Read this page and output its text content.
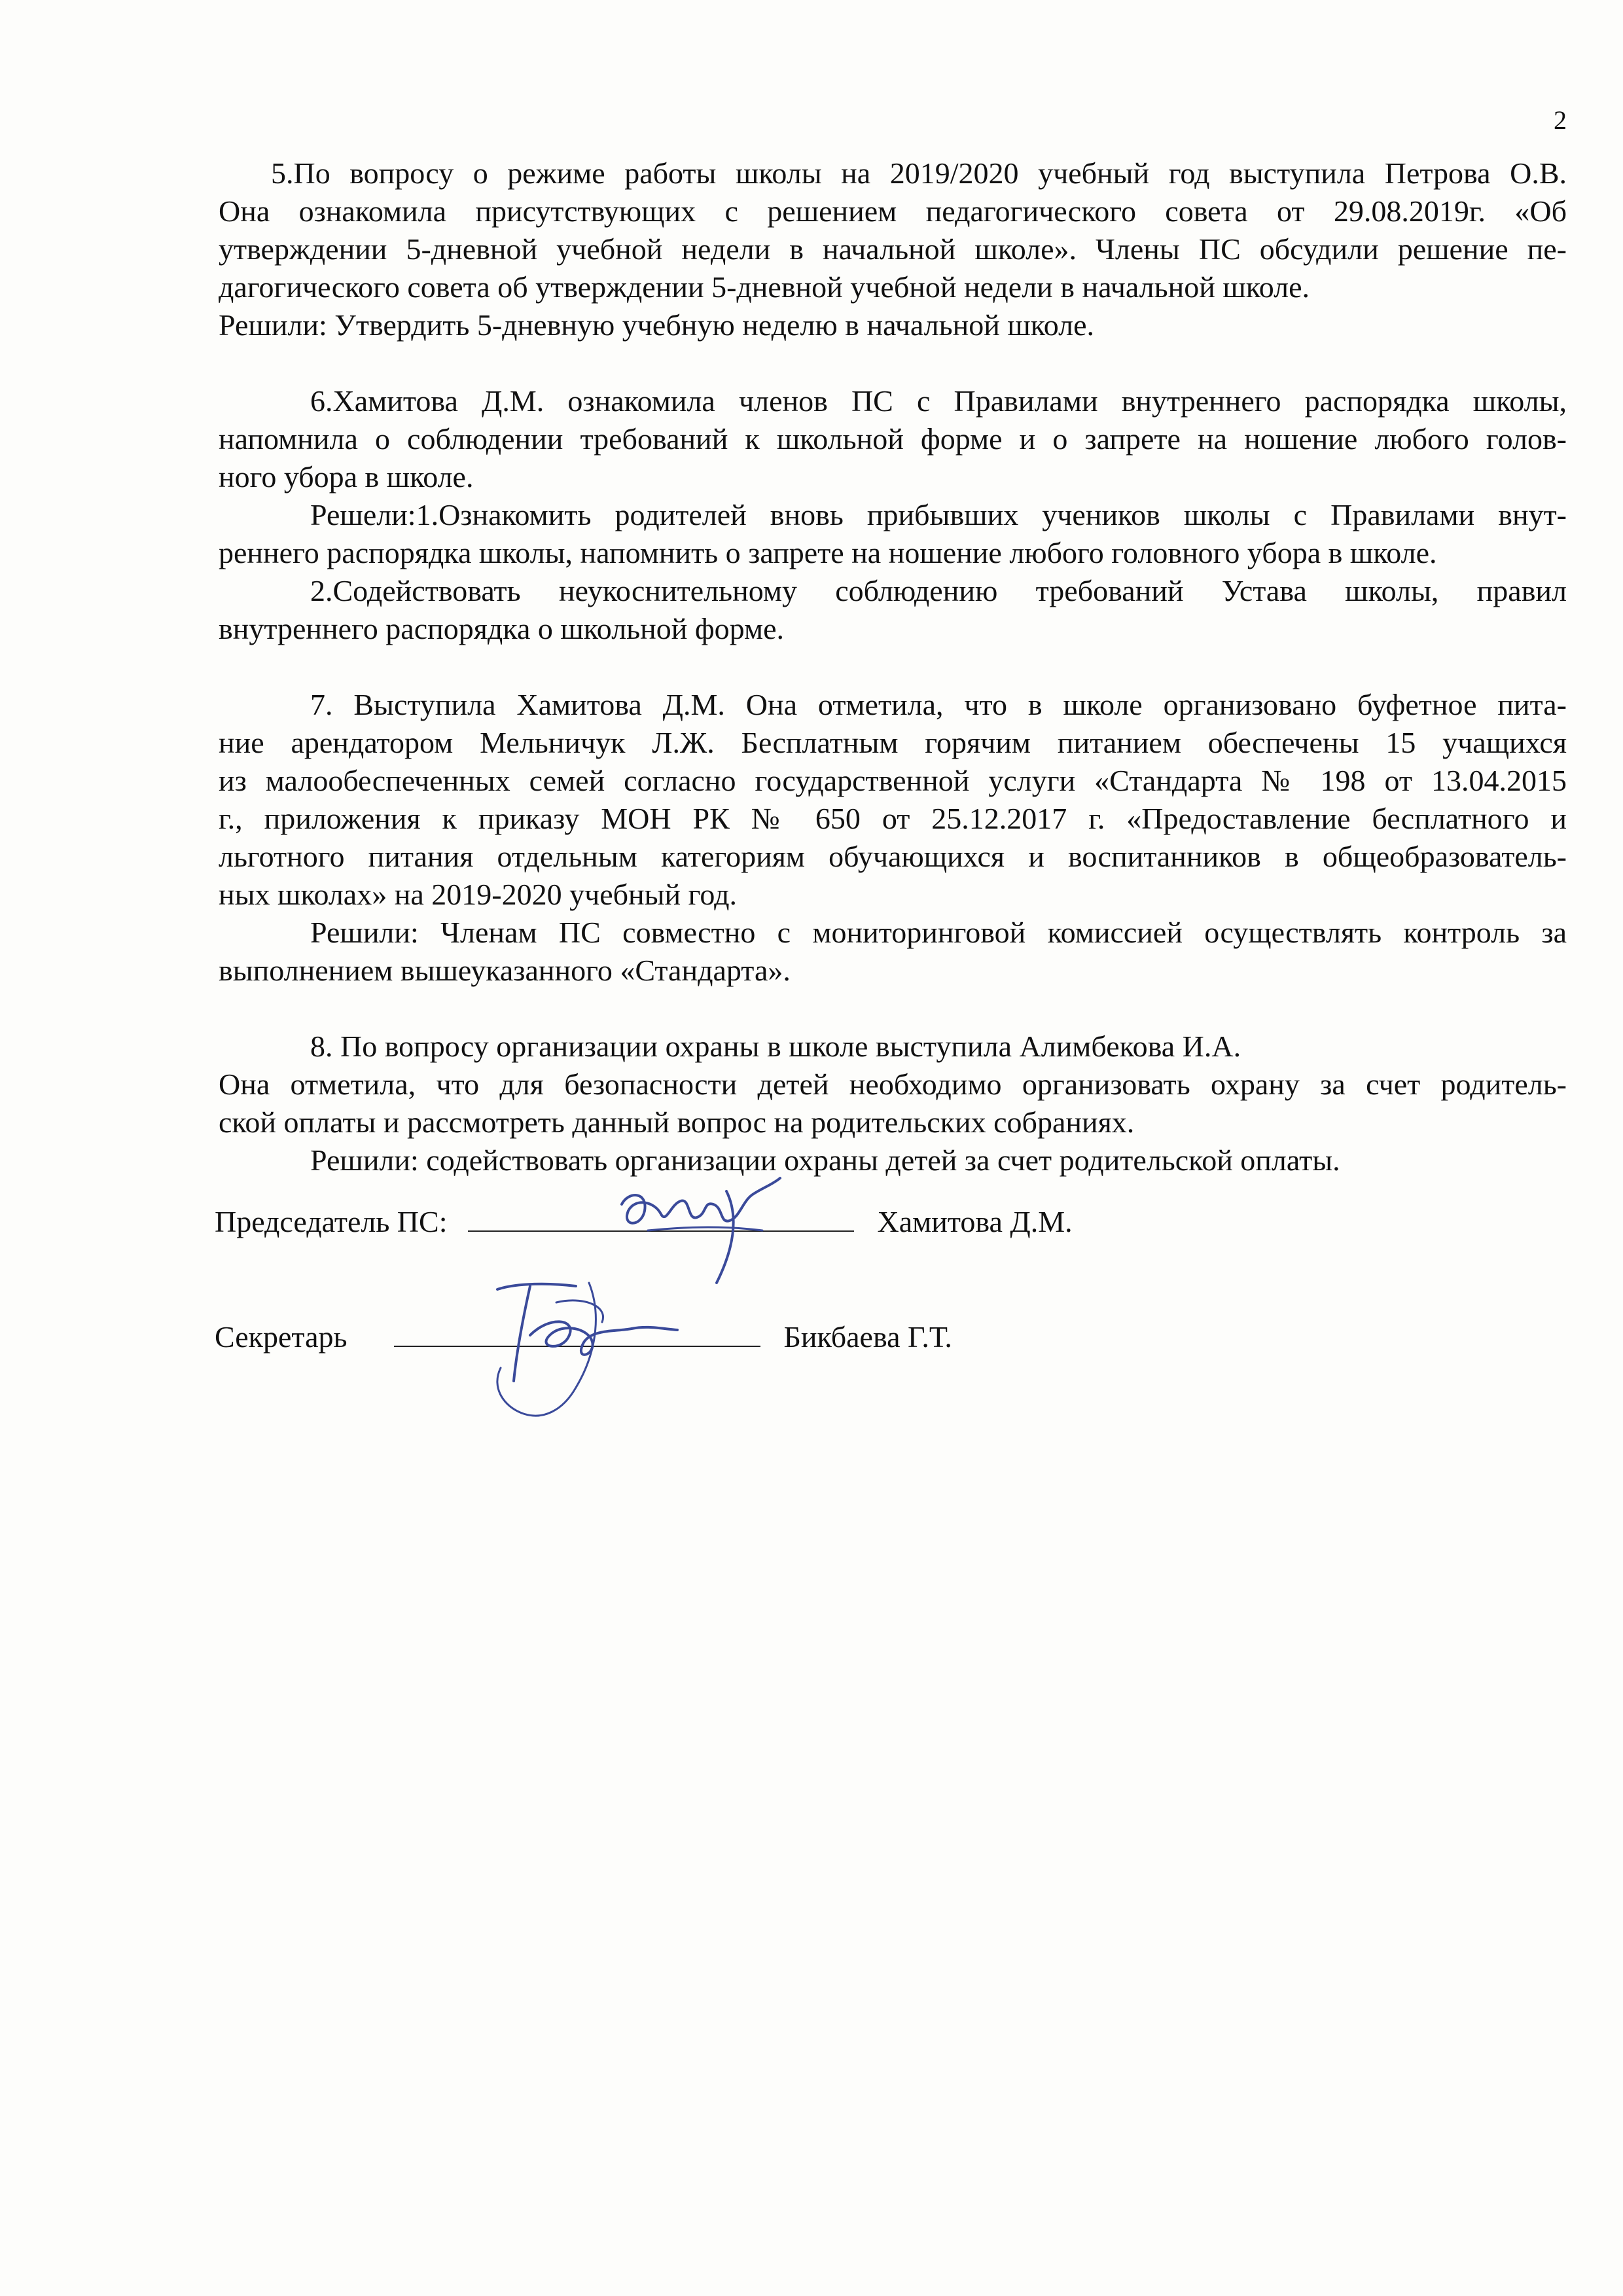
2
5.По вопросу о режиме работы школы на 2019/2020 учебный год выступила Петрова О.В.
Она ознакомила присутствующих с решением педагогического совета от 29.08.2019г. «Об
утверждении 5-дневной учебной недели в начальной школе». Члены ПС обсудили решение пе-
дагогического совета об утверждении 5-дневной учебной недели в начальной школе.
Решили: Утвердить 5-дневную учебную неделю в начальной школе.
6.Хамитова Д.М. ознакомила членов ПС с Правилами внутреннего распорядка школы,
напомнила о соблюдении требований к школьной форме и о запрете на ношение любого голов-
ного убора в школе.
Решели:1.Ознакомить родителей вновь прибывших учеников школы с Правилами внут-
реннего распорядка школы, напомнить о запрете на ношение любого головного убора в школе.
2.Содействовать неукоснительному соблюдению требований Устава школы, правил
внутреннего распорядка о школьной форме.
7. Выступила Хамитова Д.М. Она отметила, что в школе организовано буфетное пита-
ние арендатором Мельничук Л.Ж. Бесплатным горячим питанием обеспечены 15 учащихся
из малообеспеченных семей согласно государственной услуги «Стандарта № 198 от 13.04.2015
г., приложения к приказу МОН РК № 650 от 25.12.2017 г. «Предоставление бесплатного и
льготного питания отдельным категориям обучающихся и воспитанников в общеобразователь-
ных школах» на 2019-2020 учебный год.
Решили: Членам ПС совместно с мониторинговой комиссией осуществлять контроль за
выполнением вышеуказанного «Стандарта».
8. По вопросу организации охраны в школе выступила Алимбекова И.А.
Она отметила, что для безопасности детей необходимо организовать охрану за счет родитель-
ской оплаты и рассмотреть данный вопрос на родительских собраниях.
Решили: содействовать организации охраны детей за счет родительской оплаты.
Председатель ПС:	Хамитова Д.М.
Секретарь	Бикбаева Г.Т.
